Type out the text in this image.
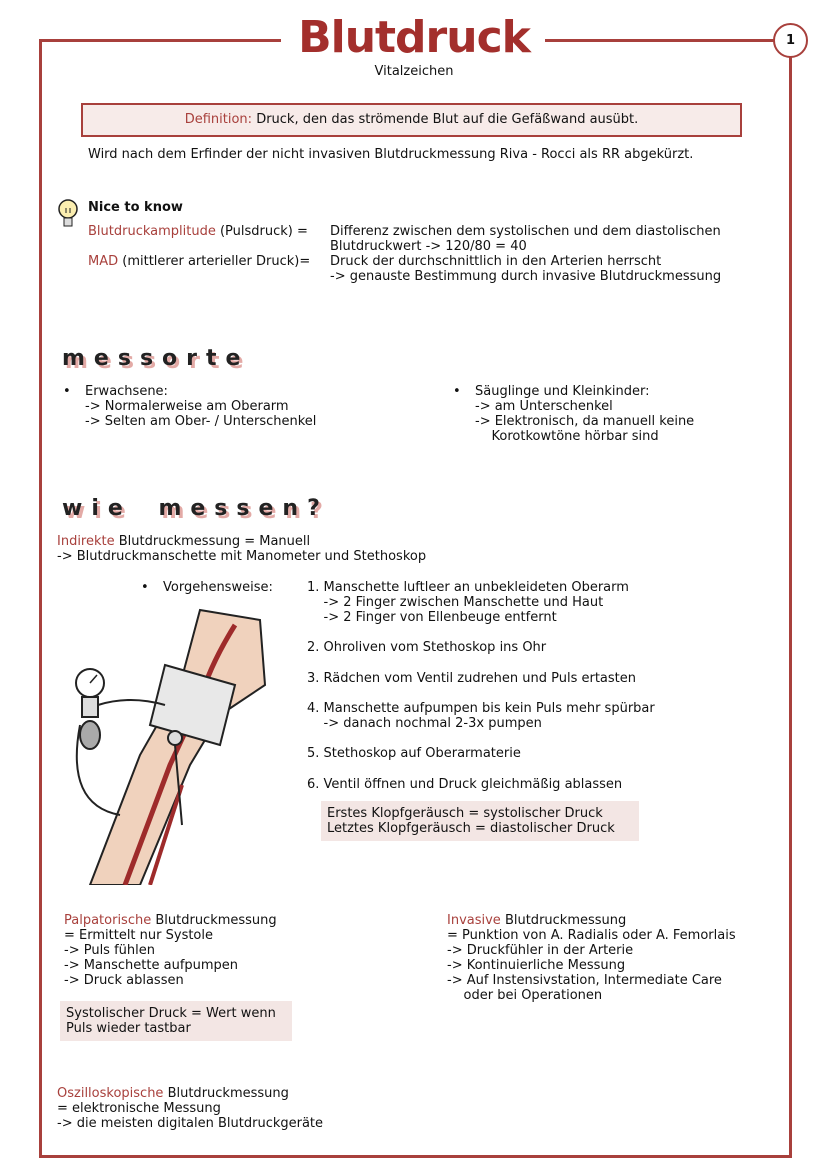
1
Blutdruck
Vitalzeichen
Definition: Druck, den das strömende Blut auf die Gefäßwand ausübt.
Wird nach dem Erfinder der nicht invasiven Blutdruckmessung Riva - Rocci als RR abgekürzt.
Nice to know
Blutdruckamplitude (Pulsdruck) = Differenz zwischen dem systolischen und dem diastolischen
Blutdruckwert -> 120/80 = 40
MAD (mittlerer arterieller Druck)= Druck der durchschnittlich in den Arterien herrscht
-> genauste Bestimmung durch invasive Blutdruckmessung
messorte
• Erwachsene:
-> Normalerweise am Oberarm
-> Selten am Ober- / Unterschenkel
• Säuglinge und Kleinkinder:
-> am Unterschenkel
-> Elektronisch, da manuell keine
Korotkowtöne hörbar sind
wie messen?
Indirekte Blutdruckmessung = Manuell
-> Blutdruckmanschette mit Manometer und Stethoskop
• Vorgehensweise:	1. Manschette luftleer an unbekleideten Oberarm
-> 2 Finger zwischen Manschette und Haut
-> 2 Finger von Ellenbeuge entfernt
2. Ohroliven vom Stethoskop ins Ohr
3. Rädchen vom Ventil zudrehen und Puls ertasten
4. Manschette aufpumpen bis kein Puls mehr spürbar
-> danach nochmal 2-3x pumpen
5. Stethoskop auf Oberarmaterie
6. Ventil öffnen und Druck gleichmäßig ablassen
Erstes Klopfgeräusch = systolischer Druck
Letztes Klopfgeräusch = diastolischer Druck
Palpatorische Blutdruckmessung
= Ermittelt nur Systole
-> Puls fühlen
-> Manschette aufpumpen
-> Druck ablassen
Systolischer Druck = Wert wenn
Puls wieder tastbar
Invasive Blutdruckmessung
= Punktion von A. Radialis oder A. Femorlais
-> Druckfühler in der Arterie
-> Kontinuierliche Messung
-> Auf Instensivstation, Intermediate Care
oder bei Operationen
Oszilloskopische Blutdruckmessung
= elektronische Messung
-> die meisten digitalen Blutdruckgeräte
